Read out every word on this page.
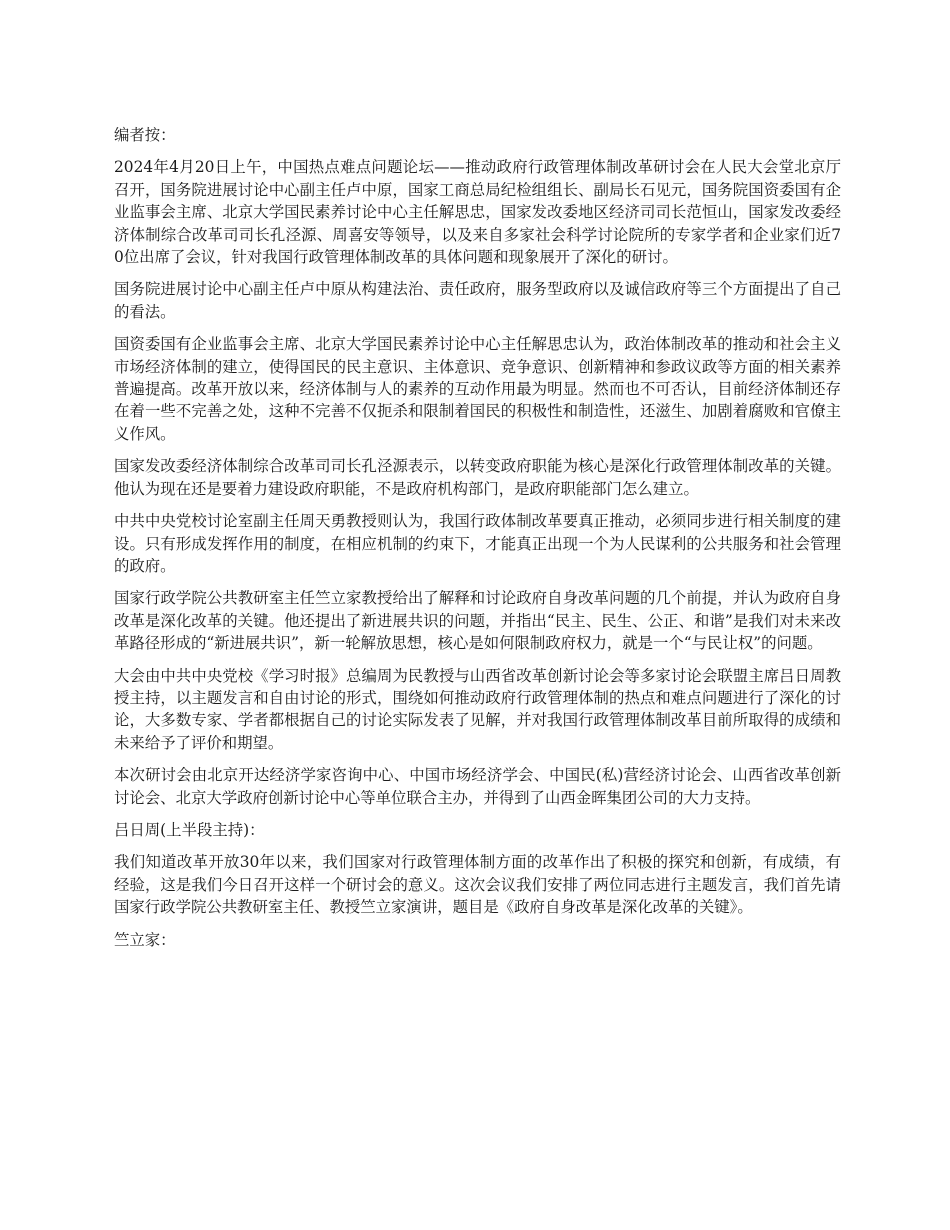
编者按：

2024年4月20日上午，中国热点难点问题论坛——推动政府行政管理体制改革研讨会在人民大会堂北京厅召开，国务院进展讨论中心副主任卢中原，国家工商总局纪检组组长、副局长石见元，国务院国资委国有企业监事会主席、北京大学国民素养讨论中心主任解思忠，国家发改委地区经济司司长范恒山，国家发改委经济体制综合改革司司长孔泾源、周喜安等领导，以及来自多家社会科学讨论院所的专家学者和企业家们近70位出席了会议，针对我国行政管理体制改革的具体问题和现象展开了深化的研讨。

国务院进展讨论中心副主任卢中原从构建法治、责任政府，服务型政府以及诚信政府等三个方面提出了自己的看法。

国资委国有企业监事会主席、北京大学国民素养讨论中心主任解思忠认为，政治体制改革的推动和社会主义市场经济体制的建立，使得国民的民主意识、主体意识、竞争意识、创新精神和参政议政等方面的相关素养普遍提高。改革开放以来，经济体制与人的素养的互动作用最为明显。然而也不可否认，目前经济体制还存在着一些不完善之处，这种不完善不仅扼杀和限制着国民的积极性和制造性，还滋生、加剧着腐败和官僚主义作风。

国家发改委经济体制综合改革司司长孔泾源表示，以转变政府职能为核心是深化行政管理体制改革的关键。他认为现在还是要着力建设政府职能，不是政府机构部门，是政府职能部门怎么建立。

中共中央党校讨论室副主任周天勇教授则认为，我国行政体制改革要真正推动，必须同步进行相关制度的建设。只有形成发挥作用的制度，在相应机制的约束下，才能真正出现一个为人民谋利的公共服务和社会管理的政府。

国家行政学院公共教研室主任竺立家教授给出了解释和讨论政府自身改革问题的几个前提，并认为政府自身改革是深化改革的关键。他还提出了新进展共识的问题，并指出“民主、民生、公正、和谐”是我们对未来改革路径形成的“新进展共识”，新一轮解放思想，核心是如何限制政府权力，就是一个“与民让权”的问题。

大会由中共中央党校《学习时报》总编周为民教授与山西省改革创新讨论会等多家讨论会联盟主席吕日周教授主持，以主题发言和自由讨论的形式，围绕如何推动政府行政管理体制的热点和难点问题进行了深化的讨论，大多数专家、学者都根据自己的讨论实际发表了见解，并对我国行政管理体制改革目前所取得的成绩和未来给予了评价和期望。

本次研讨会由北京开达经济学家咨询中心、中国市场经济学会、中国民(私)营经济讨论会、山西省改革创新讨论会、北京大学政府创新讨论中心等单位联合主办，并得到了山西金晖集团公司的大力支持。

吕日周(上半段主持)：

我们知道改革开放30年以来，我们国家对行政管理体制方面的改革作出了积极的探究和创新，有成绩，有经验，这是我们今日召开这样一个研讨会的意义。这次会议我们安排了两位同志进行主题发言，我们首先请国家行政学院公共教研室主任、教授竺立家演讲，题目是《政府自身改革是深化改革的关键》。

竺立家：
